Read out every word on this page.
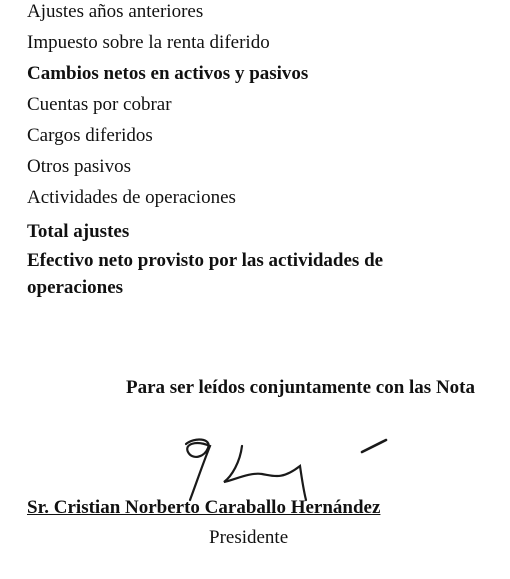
Ajustes años anteriores
Impuesto sobre la renta diferido
Cambios netos en activos y pasivos
Cuentas por cobrar
Cargos diferidos
Otros pasivos
Actividades de operaciones
Total ajustes
Efectivo neto provisto por las actividades de
operaciones
Para ser leídos conjuntamente con las Nota
Sr. Cristian Norberto Caraballo Hernández
Presidente
